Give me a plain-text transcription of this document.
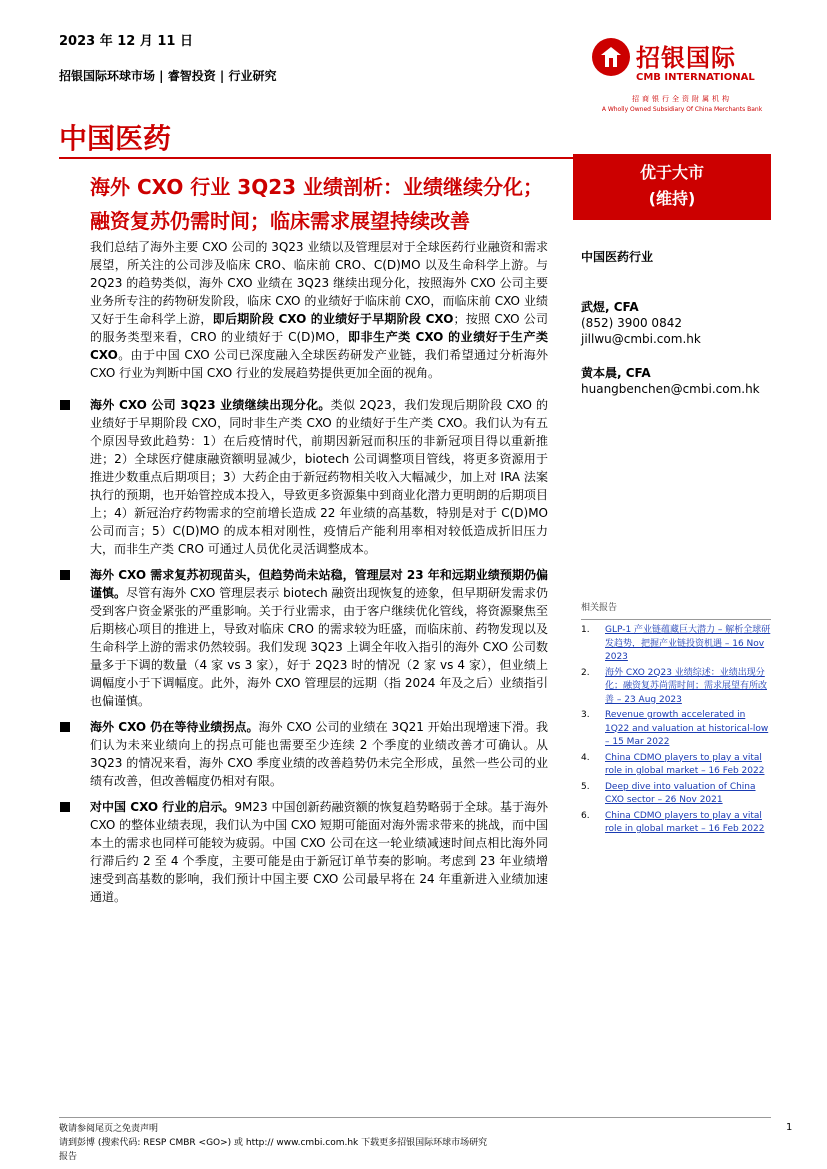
2023 年 12 月 11 日
招银国际环球市场 | 睿智投资 | 行业研究
招银国际
CMB INTERNATIONAL
招商银行全资附属机构
A Wholly Owned Subsidiary Of China Merchants Bank
中国医药
海外 CXO 行业 3Q23 业绩剖析：业绩继续分化；
融资复苏仍需时间；临床需求展望持续改善
优于大市
(维持)

我们总结了海外主要 CXO 公司的 3Q23 业绩以及管理层对于全球医药行业融资和需求展望，所关注的公司涉及临床 CRO、临床前 CRO、C(D)MO 以及生命科学上游。与 2Q23 的趋势类似，海外 CXO 业绩在 3Q23 继续出现分化，按照海外 CXO 公司主要业务所专注的药物研发阶段，临床 CXO 的业绩好于临床前 CXO，而临床前 CXO 业绩又好于生命科学上游，即后期阶段 CXO 的业绩好于早期阶段 CXO；按照 CXO 公司的服务类型来看，CRO 的业绩好于 C(D)MO，即非生产类 CXO 的业绩好于生产类 CXO。由于中国 CXO 公司已深度融入全球医药研发产业链，我们希望通过分析海外 CXO 行业为判断中国 CXO 行业的发展趋势提供更加全面的视角。

海外 CXO 公司 3Q23 业绩继续出现分化。类似 2Q23，我们发现后期阶段 CXO 的业绩好于早期阶段 CXO，同时非生产类 CXO 的业绩好于生产类 CXO。我们认为有五个原因导致此趋势：1）在后疫情时代，前期因新冠而积压的非新冠项目得以重新推进；2）全球医疗健康融资额明显减少，biotech 公司调整项目管线，将更多资源用于推进少数重点后期项目；3）大药企由于新冠药物相关收入大幅减少，加上对 IRA 法案执行的预期，也开始管控成本投入，导致更多资源集中到商业化潜力更明朗的后期项目上；4）新冠治疗药物需求的空前增长造成 22 年业绩的高基数，特别是对于 C(D)MO 公司而言；5）C(D)MO 的成本相对刚性，疫情后产能利用率相对较低造成折旧压力大，而非生产类 CRO 可通过人员优化灵活调整成本。
海外 CXO 需求复苏初现苗头，但趋势尚未站稳，管理层对 23 年和远期业绩预期仍偏谨慎。尽管有海外 CXO 管理层表示 biotech 融资出现恢复的迹象，但早期研发需求仍受到客户资金紧张的严重影响。关于行业需求，由于客户继续优化管线，将资源聚焦至后期核心项目的推进上，导致对临床 CRO 的需求较为旺盛，而临床前、药物发现以及生命科学上游的需求仍然较弱。我们发现 3Q23 上调全年收入指引的海外 CXO 公司数量多于下调的数量（4 家 vs 3 家），好于 2Q23 时的情况（2 家 vs 4 家），但业绩上调幅度小于下调幅度。此外，海外 CXO 管理层的远期（指 2024 年及之后）业绩指引也偏谨慎。
海外 CXO 仍在等待业绩拐点。海外 CXO 公司的业绩在 3Q21 开始出现增速下滑。我们认为未来业绩向上的拐点可能也需要至少连续 2 个季度的业绩改善才可确认。从 3Q23 的情况来看，海外 CXO 季度业绩的改善趋势仍未完全形成，虽然一些公司的业绩有改善，但改善幅度仍相对有限。
对中国 CXO 行业的启示。9M23 中国创新药融资额的恢复趋势略弱于全球。基于海外 CXO 的整体业绩表现，我们认为中国 CXO 短期可能面对海外需求带来的挑战，而中国本土的需求也同样可能较为疲弱。中国 CXO 公司在这一轮业绩减速时间点相比海外同行滞后约 2 至 4 个季度，主要可能是由于新冠订单节奏的影响。考虑到 23 年业绩增速受到高基数的影响，我们预计中国主要 CXO 公司最早将在 24 年重新进入业绩加速通道。
中国医药行业
武煜, CFA
(852) 3900 0842
jillwu@cmbi.com.hk
黄本晨, CFA
huangbenchen@cmbi.com.hk
相关报告
1. GLP-1 产业链蕴藏巨大潜力 – 解析全球研发趋势，把握产业链投资机遇 – 16 Nov 2023
2. 海外 CXO 2Q23 业绩综述：业绩出现分化；融资复苏尚需时间；需求展望有所改善 – 23 Aug 2023
3. Revenue growth accelerated in 1Q22 and valuation at historical-low – 15 Mar 2022
4. China CDMO players to play a vital role in global market – 16 Feb 2022
5. Deep dive into valuation of China CXO sector – 26 Nov 2021
6. China CDMO players to play a vital role in global market – 16 Feb 2022
敬请参阅尾页之免责声明
请到彭博 (搜索代码: RESP CMBR <GO>) 或 http:// www.cmbi.com.hk 下载更多招银国际环球市场研究
报告
1
